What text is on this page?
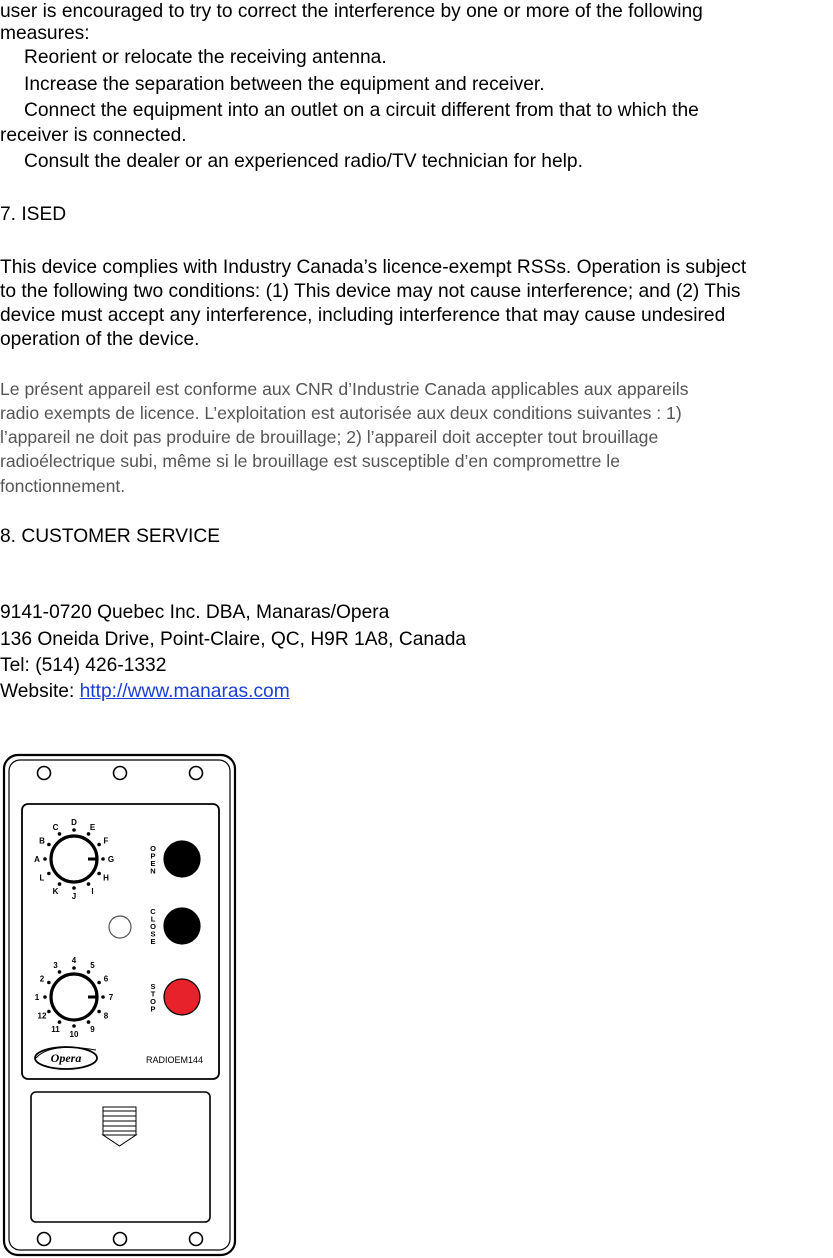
user is encouraged to try to correct the interference by one or more of the following
measures:
Reorient or relocate the receiving antenna.
Increase the separation between the equipment and receiver.
Connect the equipment into an outlet on a circuit different from that to which the
receiver is connected.
Consult the dealer or an experienced radio/TV technician for help.
7. ISED
This device complies with Industry Canada’s licence-exempt RSSs. Operation is subject
to the following two conditions: (1) This device may not cause interference; and (2) This
device must accept any interference, including interference that may cause undesired
operation of the device.
Le présent appareil est conforme aux CNR d’Industrie Canada applicables aux appareils
radio exempts de licence. L’exploitation est autorisée aux deux conditions suivantes : 1)
l’appareil ne doit pas produire de brouillage; 2) l’appareil doit accepter tout brouillage
radioélectrique subi, même si le brouillage est susceptible d’en compromettre le
fonctionnement.
8. CUSTOMER SERVICE
9141-0720 Quebec Inc. DBA, Manaras/Opera
136 Oneida Drive, Point-Claire, QC, H9R 1A8, Canada
Tel: (514) 426-1332
Website: http://www.manaras.com
A
B
C
D
E
F
G
H
I
J
K
L
1
2
3
4
5
6
7
8
9
10
11
12
O P E N
C L O S E
S T O P
Opera	RADIOEM144
